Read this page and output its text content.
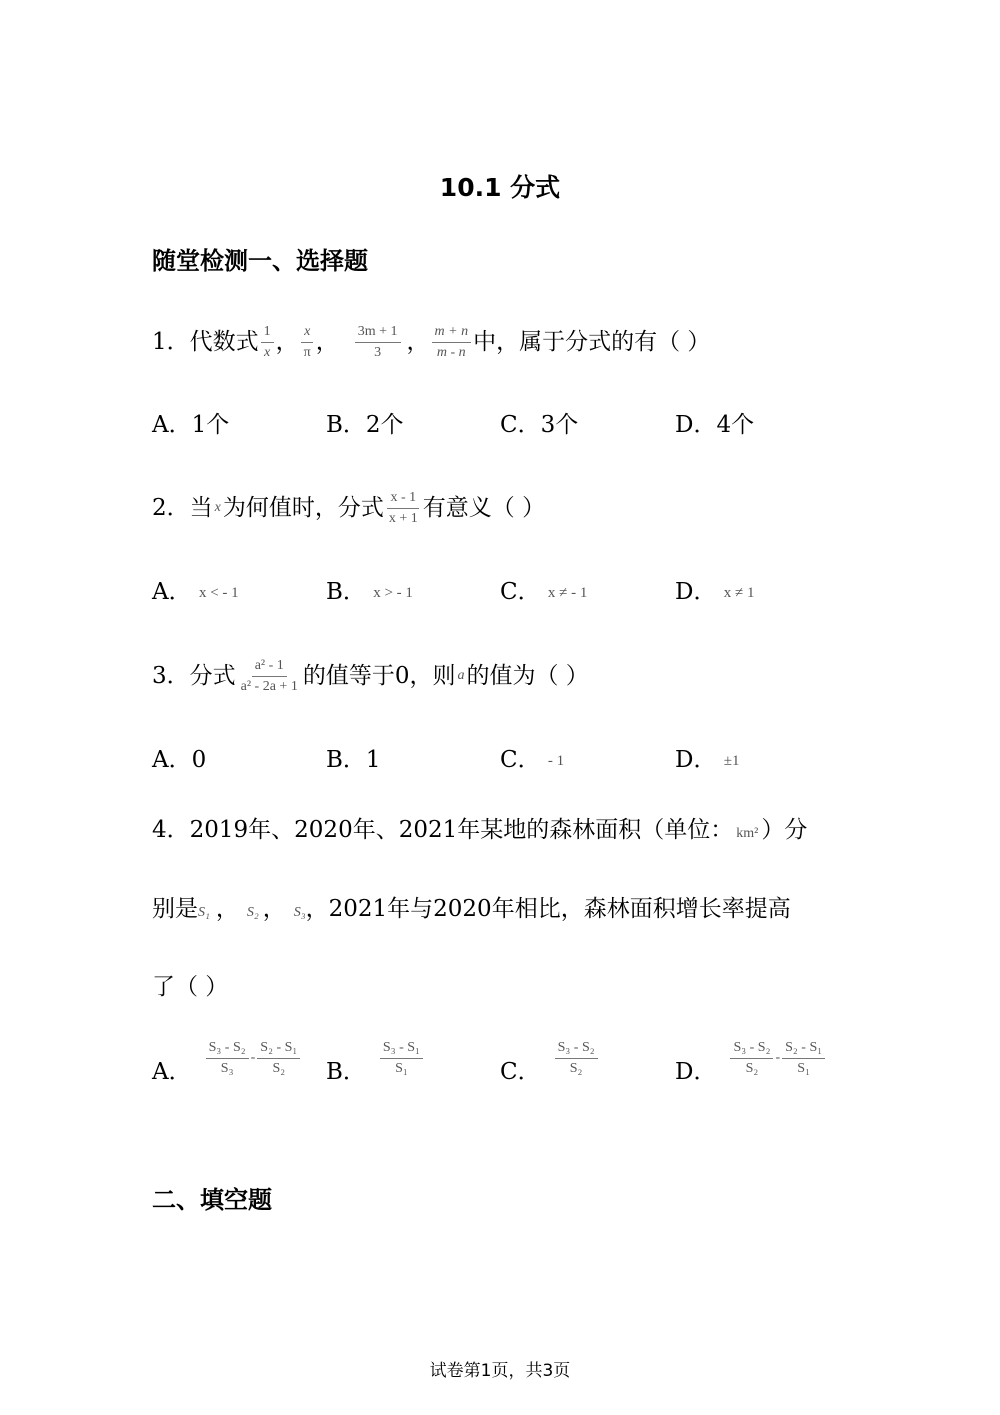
10.1 分式
随堂检测一、选择题
1．代数式 $\frac{1}{x}$ ， $\frac{x}{\pi}$ ， $\frac{3m + 1}{3}$ ， $\frac{m + n}{m - n}$ 中，属于分式的有（ ）
A．1个	B．2个	C．3个	D．4个
2．当 x 为何值时，分式 $\frac{x - 1}{x + 1}$ 有意义（ ）
A． x < - 1	B． x > - 1	C． x ≠ - 1	D． x ≠ 1
3．分式 $\frac{\text{a² - 1}}{\text{a² - 2a + 1}}$ 的值等于0，则 a 的值为（ ）
A．0	B．1	C． - 1	D． ±1
4．2019年、2020年、2021年某地的森林面积（单位： km² ）分
别是S₁ ， S₂ ， S₃，2021年与2020年相比，森林面积增长率提高
了（ ）
A． $\frac{\text{S₃ - S₂}}{\text{S₃}} - \frac{\text{S₂ - S₁}}{\text{S₂}}$ B． $\frac{\text{S₃ - S₁}}{\text{S₁}}$	C． $\frac{\text{S₃ - S₂}}{\text{S₂}}$	D． $\frac{\text{S₃ - S₂}}{\text{S₂}} - \frac{\text{S₂ - S₁}}{\text{S₁}}$
二、填空题
试卷第1页，共3页
